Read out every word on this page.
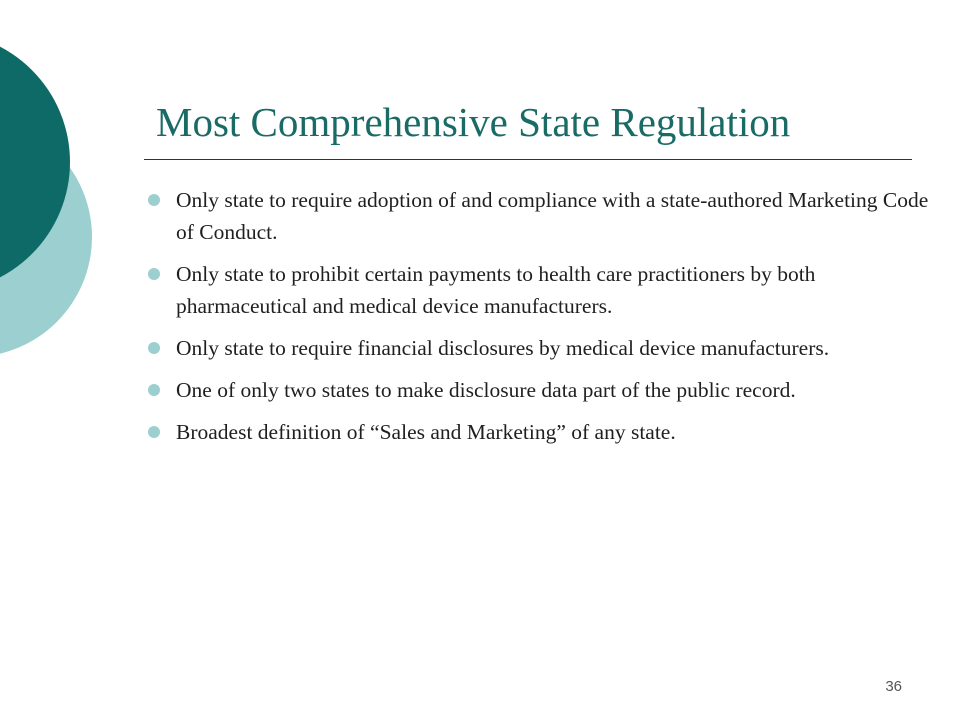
Most Comprehensive State Regulation
Only state to require adoption of and compliance with a state-authored Marketing Code of Conduct.
Only state to prohibit certain payments to health care practitioners by both pharmaceutical and medical device manufacturers.
Only state to require financial disclosures by medical device manufacturers.
One of only two states to make disclosure data part of the public record.
Broadest definition of “Sales and Marketing” of any state.
36
